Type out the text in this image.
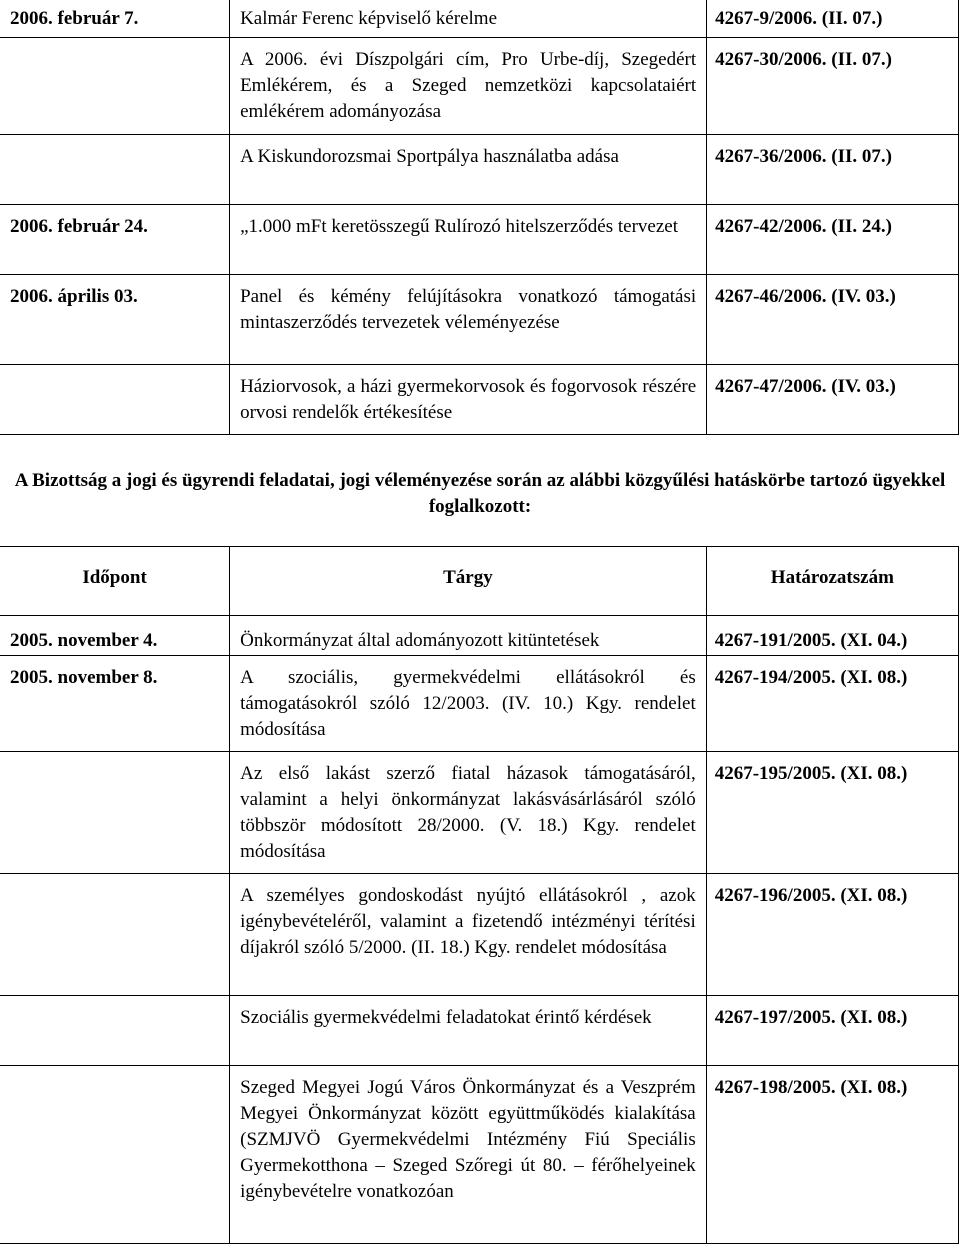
2006. február 7.	Kalmár Ferenc képviselő kérelme	4267-9/2006. (II. 07.)
	A 2006. évi Díszpolgári cím, Pro Urbe-díj, Szegedért Emlékérem, és a Szeged nemzetközi kapcsolataiért emlékérem adományozása	4267-30/2006. (II. 07.)
	A Kiskundorozsmai Sportpálya használatba adása	4267-36/2006. (II. 07.)
2006. február 24.	„1.000 mFt keretösszegű Rulírozó hitelszerződés tervezet	4267-42/2006. (II. 24.)
2006. április 03.	Panel és kémény felújításokra vonatkozó támogatási mintaszerződés tervezetek véleményezése	4267-46/2006. (IV. 03.)
	Háziorvosok, a házi gyermekorvosok és fogorvosok részére orvosi rendelők értékesítése	4267-47/2006. (IV. 03.)
A Bizottság a jogi és ügyrendi feladatai, jogi véleményezése során az alábbi közgyűlési hatáskörbe tartozó ügyekkel foglalkozott:
Időpont	Tárgy	Határozatszám
2005. november 4.	Önkormányzat által adományozott kitüntetések	4267-191/2005. (XI. 04.)
2005. november 8.	A szociális, gyermekvédelmi ellátásokról és támogatásokról szóló 12/2003. (IV. 10.) Kgy. rendelet módosítása	4267-194/2005. (XI. 08.)
	Az első lakást szerző fiatal házasok támogatásáról, valamint a helyi önkormányzat lakásvásárlásáról szóló többször módosított 28/2000. (V. 18.) Kgy. rendelet módosítása	4267-195/2005. (XI. 08.)
	A személyes gondoskodást nyújtó ellátásokról , azok igénybevételéről, valamint a fizetendő intézményi térítési díjakról szóló 5/2000. (II. 18.) Kgy. rendelet módosítása	4267-196/2005. (XI. 08.)
	Szociális gyermekvédelmi feladatokat érintő kérdések	4267-197/2005. (XI. 08.)
	Szeged Megyei Jogú Város Önkormányzat és a Veszprém Megyei Önkormányzat között együttműködés kialakítása (SZMJVÖ Gyermekvédelmi Intézmény Fiú Speciális Gyermekotthona – Szeged Szőregi út 80. – férőhelyeinek igénybevételre vonatkozóan	4267-198/2005. (XI. 08.)
